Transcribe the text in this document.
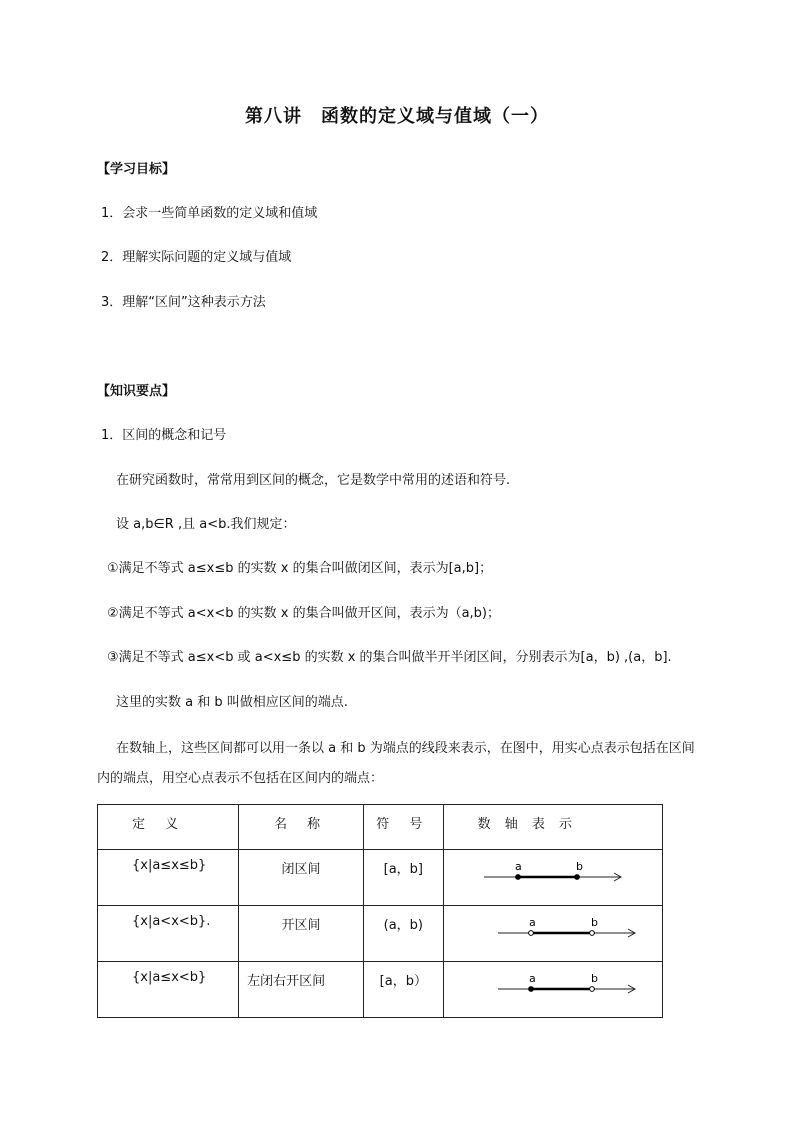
第八讲　函数的定义域与值域（一）
【学习目标】
1．会求一些简单函数的定义域和值域
2．理解实际问题的定义域与值域
3．理解“区间”这种表示方法
【知识要点】
1．区间的概念和记号
在研究函数时，常常用到区间的概念，它是数学中常用的述语和符号.
设 a,b∈R ,且 a<b.我们规定：
①满足不等式 a≤x≤b 的实数 x 的集合叫做闭区间，表示为[a,b]；
②满足不等式 a<x<b 的实数 x 的集合叫做开区间，表示为（a,b)；
③满足不等式 a≤x<b 或 a<x≤b 的实数 x 的集合叫做半开半闭区间，分别表示为[a，b) ,(a，b].
这里的实数 a 和 b 叫做相应区间的端点.
在数轴上，这些区间都可以用一条以 a 和 b 为端点的线段来表示，在图中，用实心点表示包括在区间内的端点，用空心点表示不包括在区间内的端点：
定 义	名 称	符 号	数 轴 表 示

{x|a≤x≤b}	闭区间	[a，b]	a b

{x|a<x<b}.	开区间	(a，b)	a b

{x|a≤x<b}	左闭右开区间	[a，b）	a b
